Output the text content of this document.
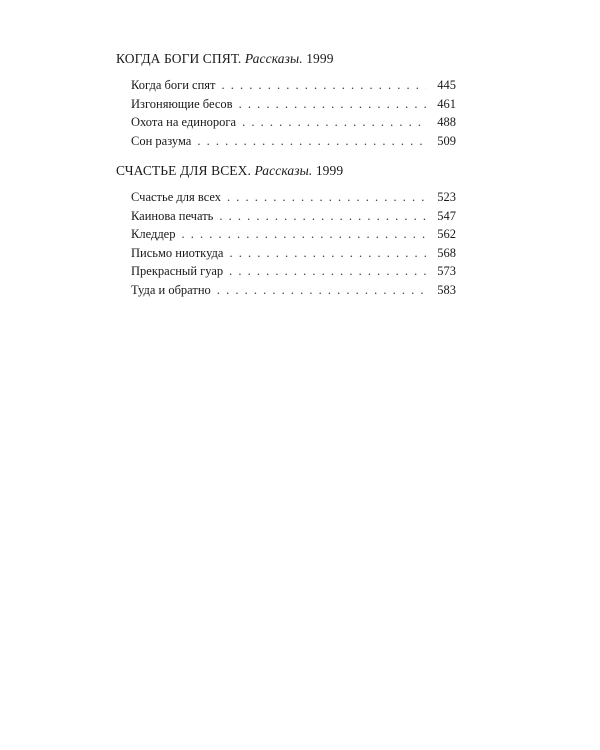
КОГДА БОГИ СПЯТ. Рассказы. 1999
Когда боги спят . . .	445
Изгоняющие бесов . . .	461
Охота на единорога . . .	488
Сон разума . . .	509
СЧАСТЬЕ ДЛЯ ВСЕХ. Рассказы. 1999
Счастье для всех . . .	523
Каинова печать . . .	547
Кледдер . . .	562
Письмо ниоткуда . . .	568
Прекрасный гуар . . .	573
Туда и обратно . . .	583
